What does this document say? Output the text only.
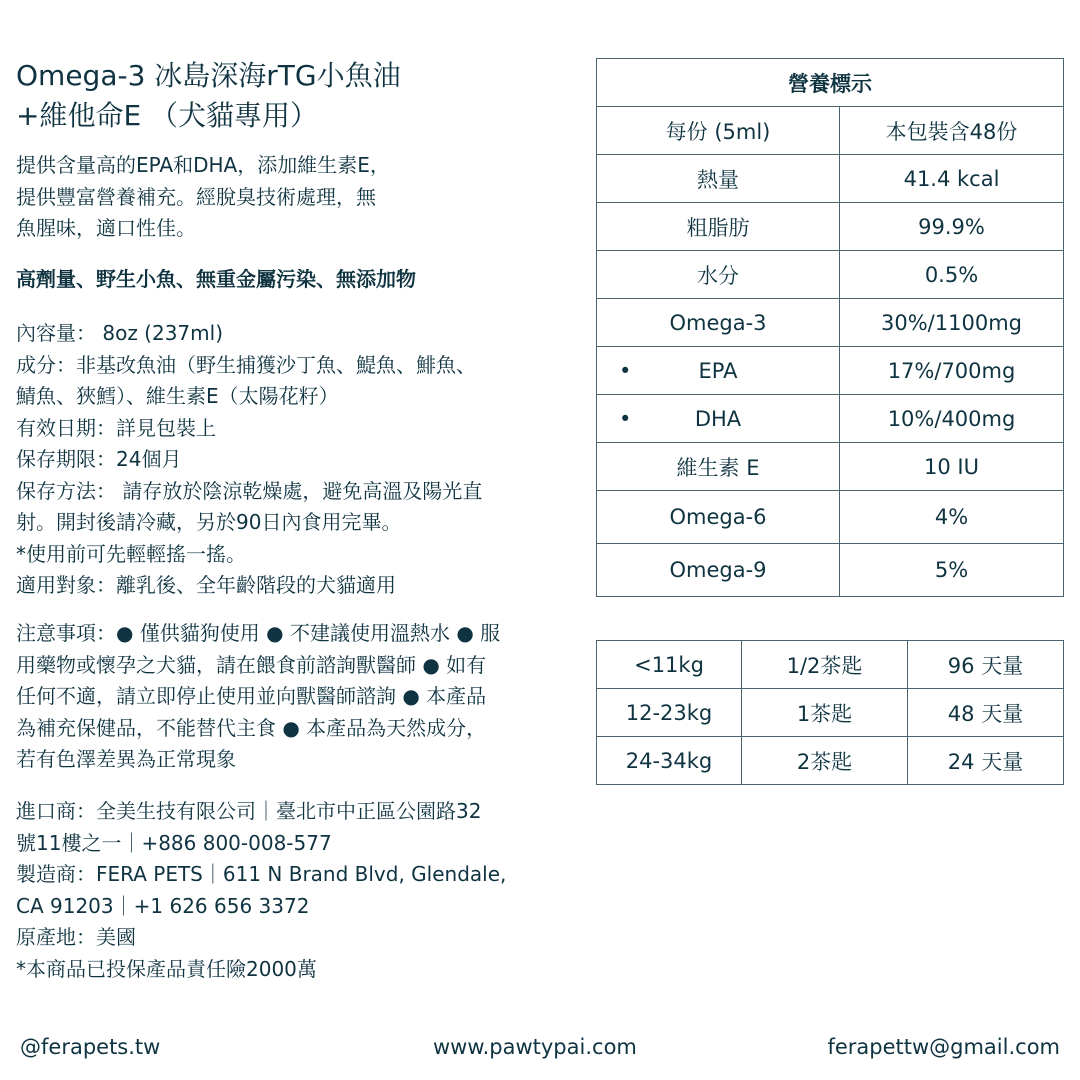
Omega-3 冰島深海rTG小魚油
+維他命E （犬貓專用）
提供含量高的EPA和DHA，添加維生素E，
提供豐富營養補充。經脫臭技術處理，無
魚腥味，適口性佳。
高劑量、野生小魚、無重金屬污染、無添加物
內容量： 8oz (237ml)
成分：非基改魚油（野生捕獲沙丁魚、鯷魚、鯡魚、
鯖魚、狹鱈）、維生素E（太陽花籽）
有效日期：詳見包裝上
保存期限：24個月
保存方法： 請存放於陰涼乾燥處，避免高溫及陽光直
射。開封後請冷藏，另於90日內食用完畢。
*使用前可先輕輕搖一搖。
適用對象：離乳後、全年齡階段的犬貓適用
注意事項：● 僅供貓狗使用 ● 不建議使用溫熱水 ● 服
用藥物或懷孕之犬貓，請在餵食前諮詢獸醫師 ● 如有
任何不適，請立即停止使用並向獸醫師諮詢 ● 本產品
為補充保健品，不能替代主食 ● 本產品為天然成分，
若有色澤差異為正常現象
進口商：全美生技有限公司｜臺北市中正區公園路32
號11樓之一｜+886 800-008-577
製造商：FERA PETS｜611 N Brand Blvd, Glendale,
CA 91203｜+1 626 656 3372
原產地：美國
*本商品已投保產品責任險2000萬
營養標示	
每份 (5ml)	本包裝含48份
熱量	41.4 kcal
粗脂肪	99.9%
水分	0.5%
Omega-3	30%/1100mg

• EPA	17%/700mg

• DHA	10%/400mg
維生素 E	10 IU
Omega-6	4%
Omega-9	5%
<11kg	1/2茶匙	96 天量
12-23kg	1茶匙	48 天量
24-34kg	2茶匙	24 天量
@ferapets.tw	www.pawtypai.com	ferapettw@gmail.com
